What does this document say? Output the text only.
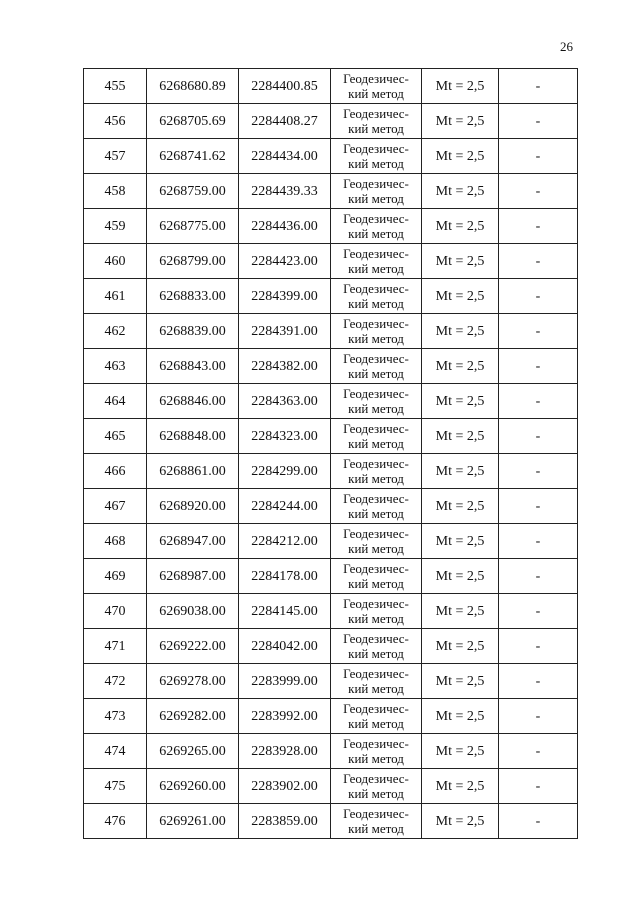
26
455	6268680.89	2284400.85	Геодезичес-кий метод	Mt = 2,5	-
456	6268705.69	2284408.27	Геодезичес-кий метод	Mt = 2,5	-
457	6268741.62	2284434.00	Геодезичес-кий метод	Mt = 2,5	-
458	6268759.00	2284439.33	Геодезичес-кий метод	Mt = 2,5	-
459	6268775.00	2284436.00	Геодезичес-кий метод	Mt = 2,5	-
460	6268799.00	2284423.00	Геодезичес-кий метод	Mt = 2,5	-
461	6268833.00	2284399.00	Геодезичес-кий метод	Mt = 2,5	-
462	6268839.00	2284391.00	Геодезичес-кий метод	Mt = 2,5	-
463	6268843.00	2284382.00	Геодезичес-кий метод	Mt = 2,5	-
464	6268846.00	2284363.00	Геодезичес-кий метод	Mt = 2,5	-
465	6268848.00	2284323.00	Геодезичес-кий метод	Mt = 2,5	-
466	6268861.00	2284299.00	Геодезичес-кий метод	Mt = 2,5	-
467	6268920.00	2284244.00	Геодезичес-кий метод	Mt = 2,5	-
468	6268947.00	2284212.00	Геодезичес-кий метод	Mt = 2,5	-
469	6268987.00	2284178.00	Геодезичес-кий метод	Mt = 2,5	-
470	6269038.00	2284145.00	Геодезичес-кий метод	Mt = 2,5	-
471	6269222.00	2284042.00	Геодезичес-кий метод	Mt = 2,5	-
472	6269278.00	2283999.00	Геодезичес-кий метод	Mt = 2,5	-
473	6269282.00	2283992.00	Геодезичес-кий метод	Mt = 2,5	-
474	6269265.00	2283928.00	Геодезичес-кий метод	Mt = 2,5	-
475	6269260.00	2283902.00	Геодезичес-кий метод	Mt = 2,5	-
476	6269261.00	2283859.00	Геодезичес-кий метод	Mt = 2,5	-
